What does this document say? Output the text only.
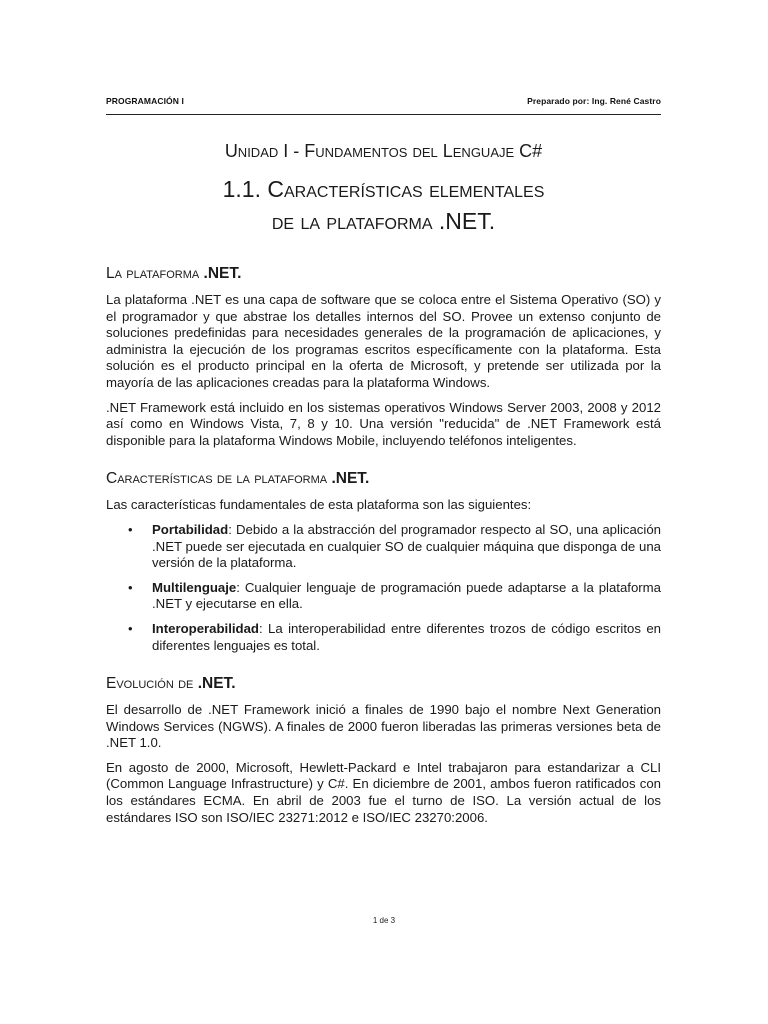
PROGRAMACIÓN I	Preparado por: Ing. René Castro
Unidad I - Fundamentos del Lenguaje C#
1.1. Características elementales
de la plataforma .NET.
La plataforma .NET.

La plataforma .NET es una capa de software que se coloca entre el Sistema Operativo (SO) y el programador y que abstrae los detalles internos del SO. Provee un extenso conjunto de soluciones predefinidas para necesidades generales de la programación de aplicaciones, y administra la ejecución de los programas escritos específicamente con la plataforma. Esta solución es el producto principal en la oferta de Microsoft, y pretende ser utilizada por la mayoría de las aplicaciones creadas para la plataforma Windows.

.NET Framework está incluido en los sistemas operativos Windows Server 2003, 2008 y 2012 así como en Windows Vista, 7, 8 y 10. Una versión "reducida" de .NET Framework está disponible para la plataforma Windows Mobile, incluyendo teléfonos inteligentes.

Características de la plataforma .NET.

Las características fundamentales de esta plataforma son las siguientes:

• Portabilidad: Debido a la abstracción del programador respecto al SO, una aplicación .NET puede ser ejecutada en cualquier SO de cualquier máquina que disponga de una versión de la plataforma.
• Multilenguaje: Cualquier lenguaje de programación puede adaptarse a la plataforma .NET y ejecutarse en ella.
• Interoperabilidad: La interoperabilidad entre diferentes trozos de código escritos en diferentes lenguajes es total.
Evolución de .NET.

El desarrollo de .NET Framework inició a finales de 1990 bajo el nombre Next Generation Windows Services (NGWS). A finales de 2000 fueron liberadas las primeras versiones beta de .NET 1.0.

En agosto de 2000, Microsoft, Hewlett-Packard e Intel trabajaron para estandarizar a CLI (Common Language Infrastructure) y C#. En diciembre de 2001, ambos fueron ratificados con los estándares ECMA. En abril de 2003 fue el turno de ISO. La versión actual de los estándares ISO son ISO/IEC 23271:2012 e ISO/IEC 23270:2006.

1 de 3
